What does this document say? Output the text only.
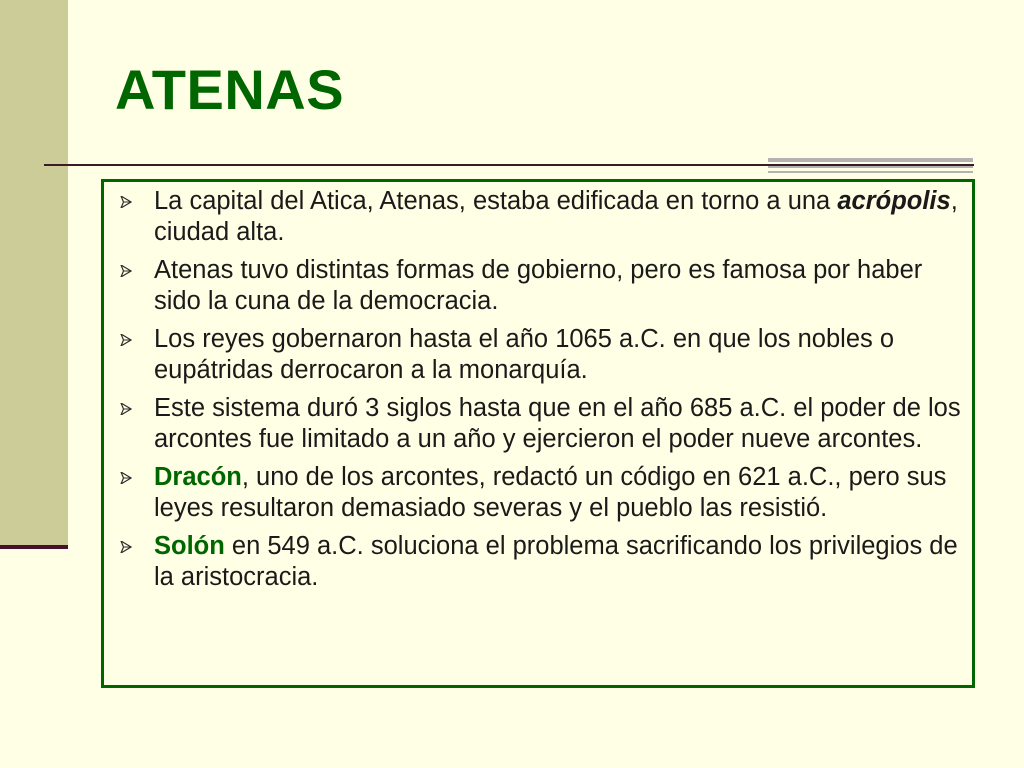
ATENAS
La capital del Atica, Atenas, estaba edificada en torno a una acrópolis, ciudad alta.
Atenas tuvo distintas formas de gobierno, pero es famosa por haber sido la cuna de la democracia.
Los reyes gobernaron hasta el año 1065 a.C. en que los nobles o eupátridas derrocaron a la monarquía.
Este sistema duró 3 siglos hasta que en el año 685 a.C. el poder de los arcontes fue limitado a un año y ejercieron el poder nueve arcontes.
Dracón, uno de los arcontes, redactó un código en 621 a.C., pero sus leyes resultaron demasiado severas y el pueblo las resistió.
Solón en 549 a.C. soluciona el problema sacrificando los privilegios de la aristocracia.
